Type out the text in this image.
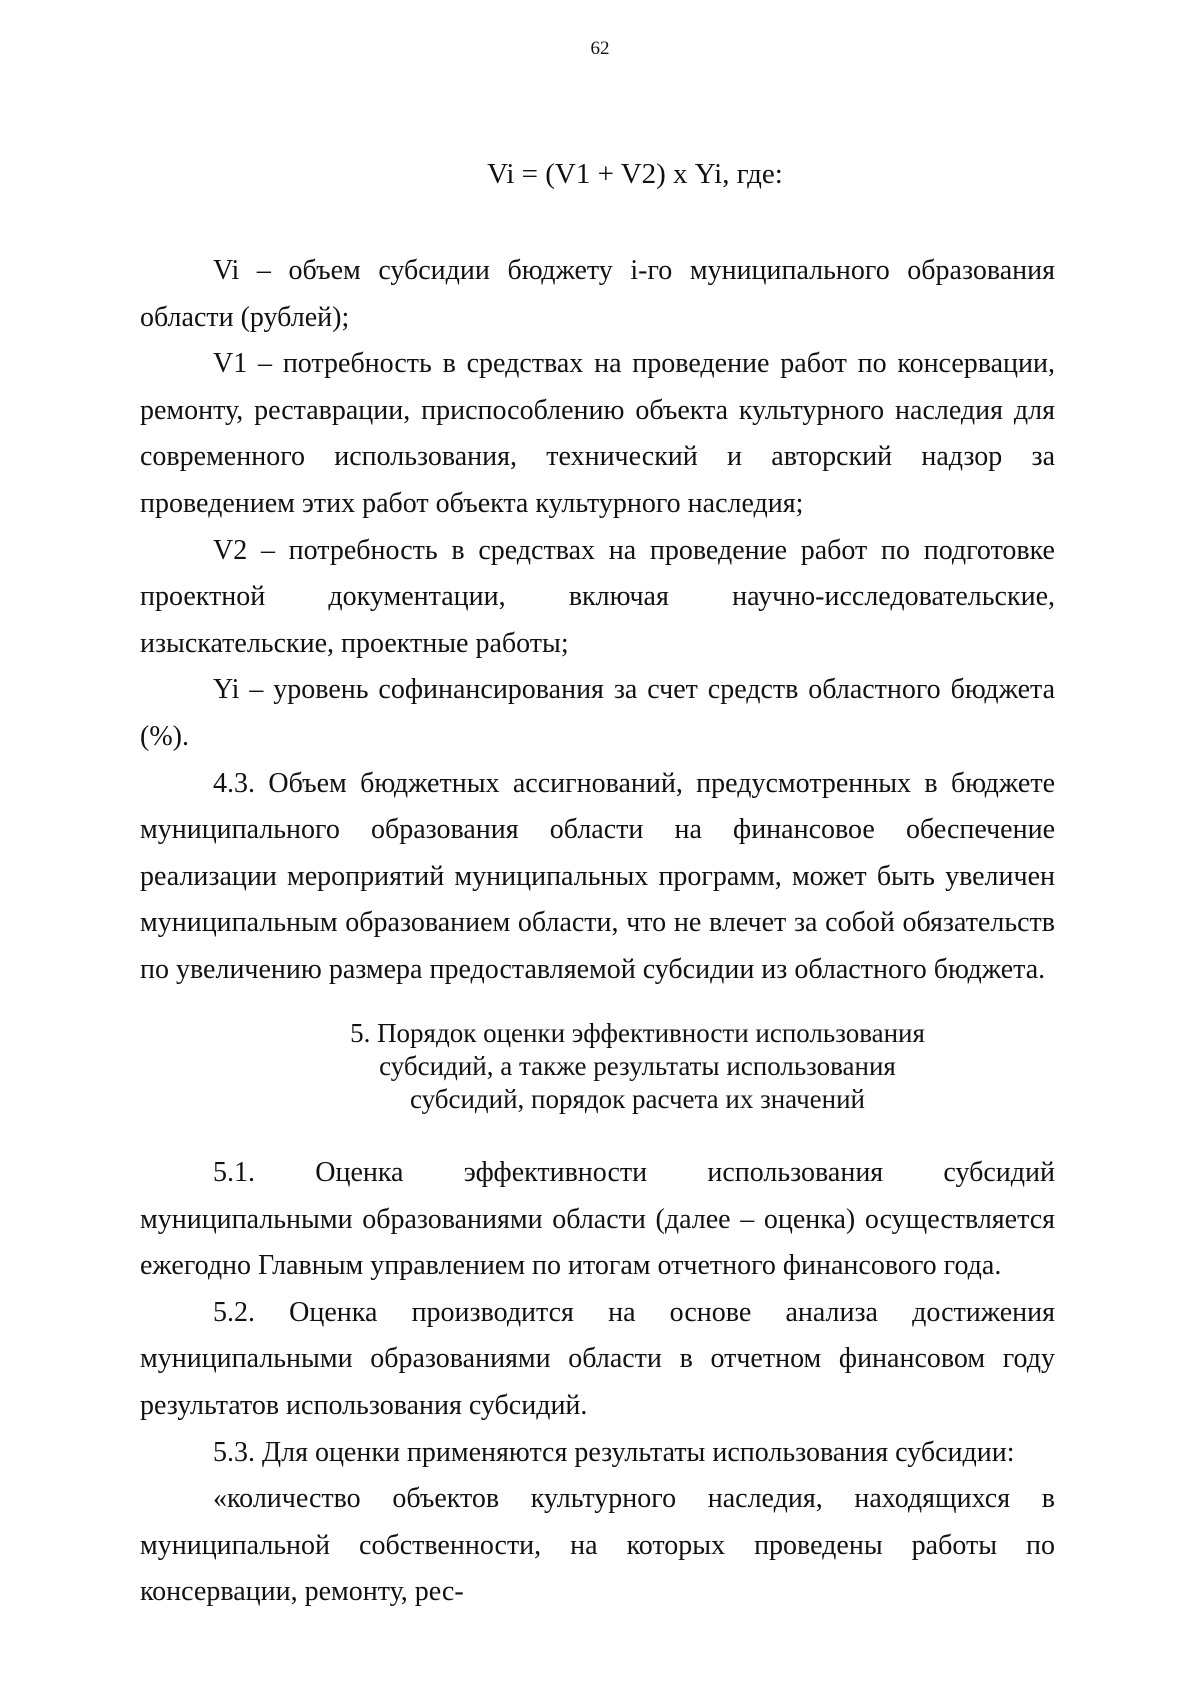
62
Vi = (V1 + V2) х Yi, где:

Vi – объем субсидии бюджету i-го муниципального образования области (рублей);

V1 – потребность в средствах на проведение работ по консервации, ремонту, реставрации, приспособлению объекта культурного наследия для современного использования, технический и авторский надзор за проведением этих работ объекта культурного наследия;

V2 – потребность в средствах на проведение работ по подготовке проектной документации, включая научно-исследовательские, изыскательские, проектные работы;

Yi – уровень софинансирования за счет средств областного бюджета (%).

4.3. Объем бюджетных ассигнований, предусмотренных в бюджете муниципального образования области на финансовое обеспечение реализации мероприятий муниципальных программ, может быть увеличен муниципальным образованием области, что не влечет за собой обязательств по увеличению размера предоставляемой субсидии из областного бюджета.

5. Порядок оценки эффективности использования
субсидий, а также результаты использования
субсидий, порядок расчета их значений

5.1. Оценка эффективности использования субсидий муниципальными образованиями области (далее – оценка) осуществляется ежегодно Главным управлением по итогам отчетного финансового года.

5.2. Оценка производится на основе анализа достижения муниципальными образованиями области в отчетном финансовом году результатов использования субсидий.

5.3. Для оценки применяются результаты использования субсидии:

«количество объектов культурного наследия, находящихся в муниципальной собственности, на которых проведены работы по консервации, ремонту, рес-
